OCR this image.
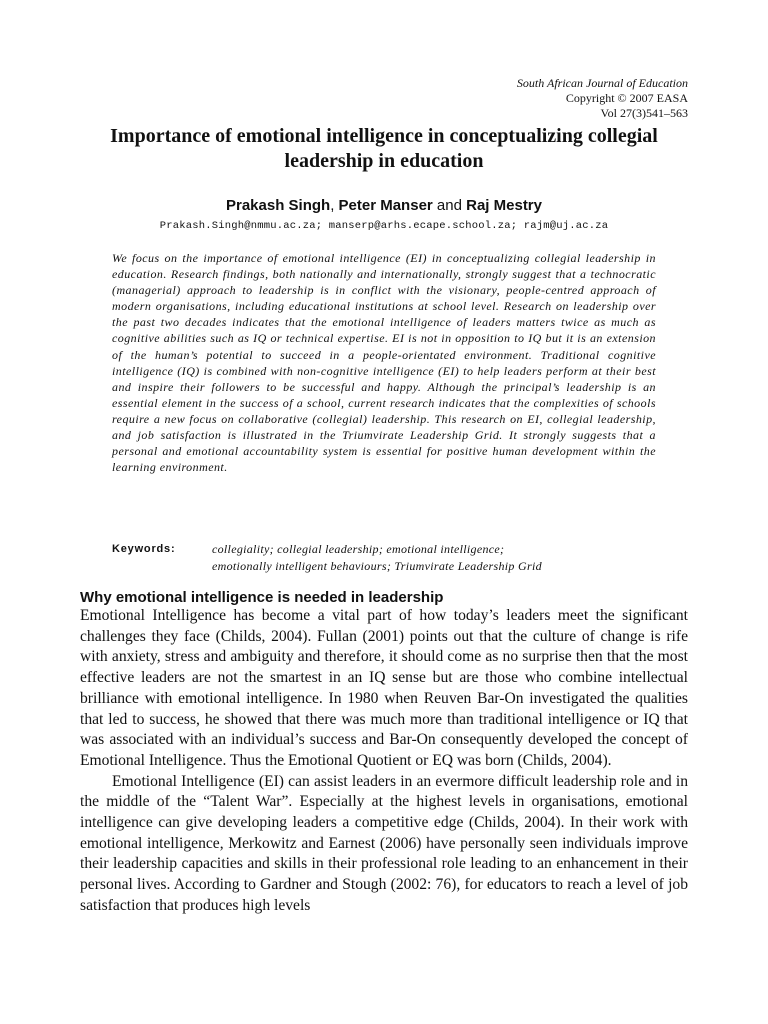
South African Journal of Education
Copyright © 2007 EASA
Vol 27(3)541–563
Importance of emotional intelligence in conceptualizing collegial leadership in education
Prakash Singh, Peter Manser and Raj Mestry
Prakash.Singh@nmmu.ac.za; manserp@arhs.ecape.school.za; rajm@uj.ac.za

We focus on the importance of emotional intelligence (EI) in conceptualizing collegial leadership in education. Research findings, both nationally and internationally, strongly suggest that a technocratic (managerial) approach to leadership is in conflict with the visionary, people-centred approach of modern organisations, including educational institutions at school level. Research on leadership over the past two decades indicates that the emotional intelligence of leaders matters twice as much as cognitive abilities such as IQ or technical expertise. EI is not in opposition to IQ but it is an extension of the human’s potential to succeed in a people-orientated environment. Traditional cognitive intelligence (IQ) is combined with non-cognitive intelligence (EI) to help leaders perform at their best and inspire their followers to be successful and happy. Although the principal’s leadership is an essential element in the success of a school, current research indicates that the complexities of schools require a new focus on collaborative (collegial) leadership. This research on EI, collegial leadership, and job satisfaction is illustrated in the Triumvirate Leadership Grid. It strongly suggests that a personal and emotional accountability system is essential for positive human development within the learning environment.

Keywords:	collegiality; collegial leadership; emotional intelligence;
emotionally intelligent behaviours; Triumvirate Leadership Grid
Why emotional intelligence is needed in leadership

Emotional Intelligence has become a vital part of how today’s leaders meet the significant challenges they face (Childs, 2004). Fullan (2001) points out that the culture of change is rife with anxiety, stress and ambiguity and therefore, it should come as no surprise then that the most effective leaders are not the smartest in an IQ sense but are those who combine intellectual brilliance with emotional intelligence. In 1980 when Reuven Bar-On investigated the qualities that led to success, he showed that there was much more than traditional intelligence or IQ that was associated with an individual’s success and Bar-On consequently developed the concept of Emotional Intelligence. Thus the Emotional Quotient or EQ was born (Childs, 2004).

Emotional Intelligence (EI) can assist leaders in an evermore difficult leadership role and in the middle of the “Talent War”. Especially at the highest levels in organisations, emotional intelligence can give developing leaders a competitive edge (Childs, 2004). In their work with emotional intelligence, Merkowitz and Earnest (2006) have personally seen individuals improve their leadership capacities and skills in their professional role leading to an enhancement in their personal lives. According to Gardner and Stough (2002: 76), for educators to reach a level of job satisfaction that produces high levels
